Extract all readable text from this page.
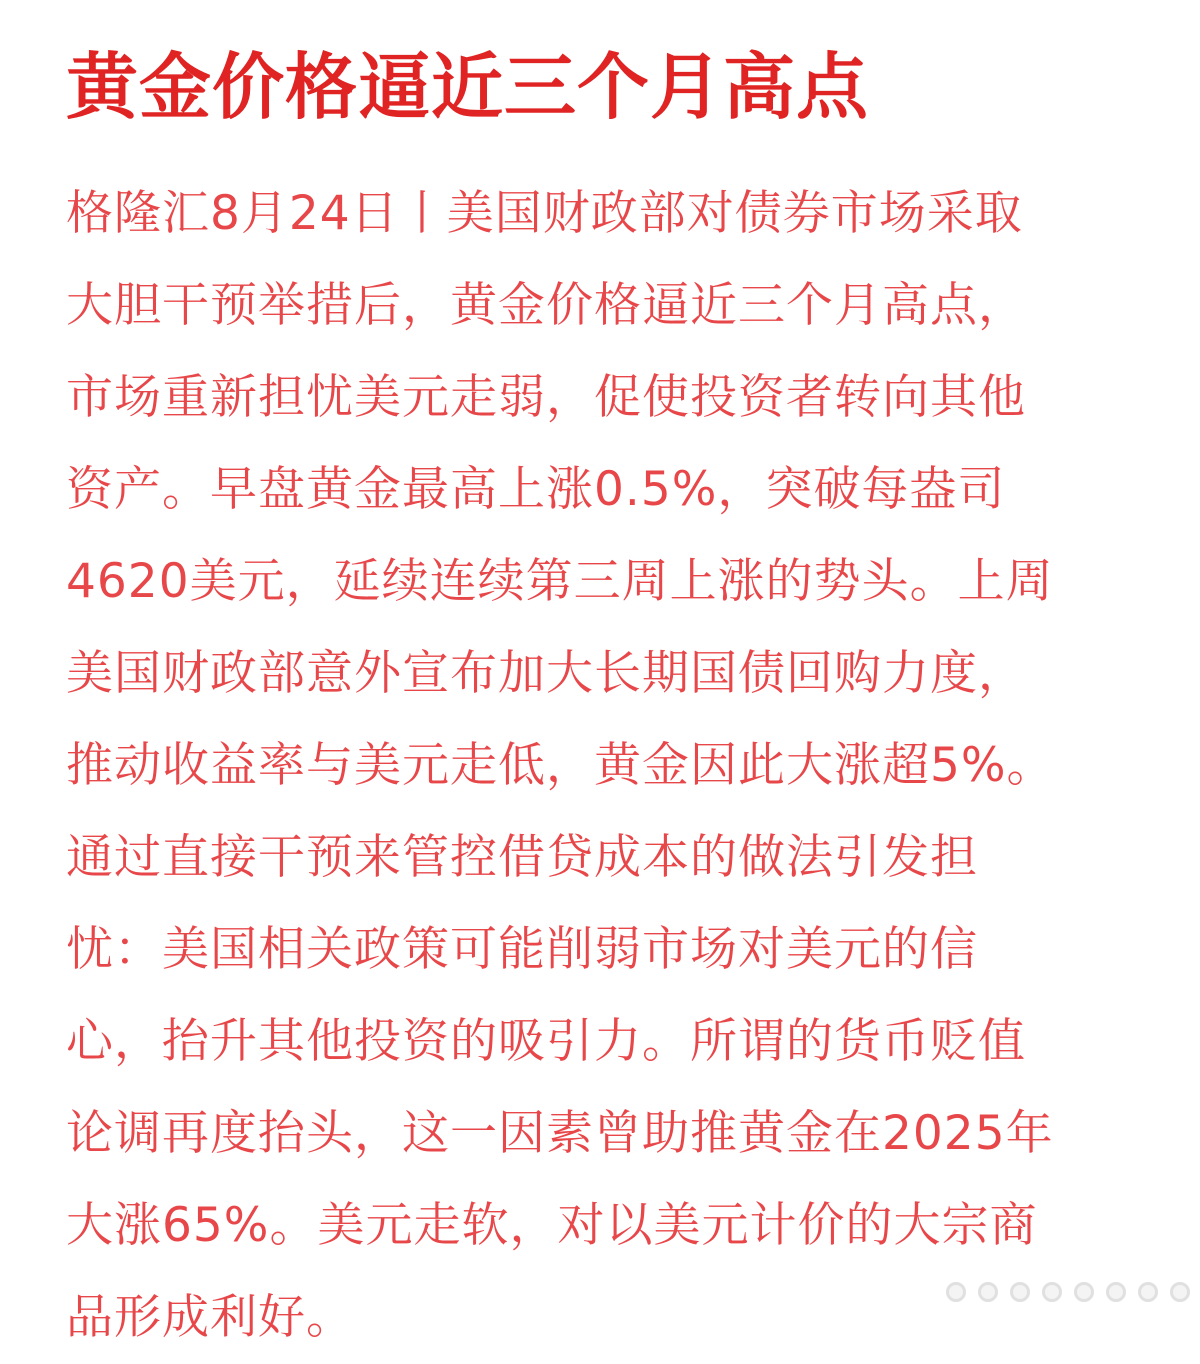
黄金价格逼近三个月高点
格隆汇8月24日丨美国财政部对债券市场采取
大胆干预举措后，黄金价格逼近三个月高点，
市场重新担忧美元走弱，促使投资者转向其他
资产。早盘黄金最高上涨0.5%，突破每盎司
4620美元，延续连续第三周上涨的势头。上周
美国财政部意外宣布加大长期国债回购力度，
推动收益率与美元走低，黄金因此大涨超5%。
通过直接干预来管控借贷成本的做法引发担
忧：美国相关政策可能削弱市场对美元的信
心，抬升其他投资的吸引力。所谓的货币贬值
论调再度抬头，这一因素曾助推黄金在2025年
大涨65%。美元走软，对以美元计价的大宗商
品形成利好。
